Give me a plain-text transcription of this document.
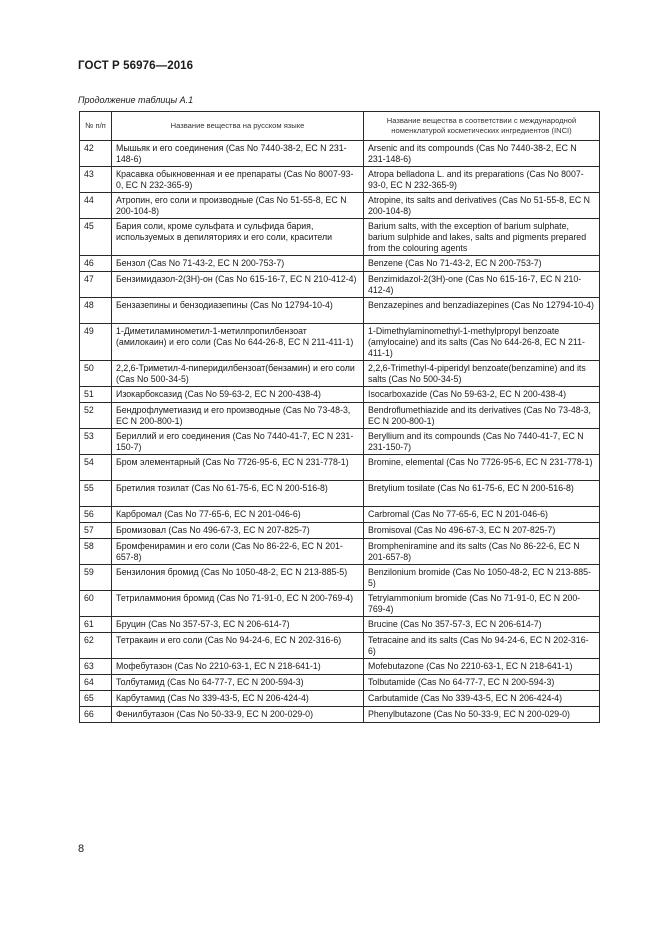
ГОСТ Р 56976—2016
Продолжение таблицы А.1
№ п/п	Название вещества на русском языке	Название вещества в соответствии с международной номенклатурой косметических ингредиентов (INCI)
42	Мышьяк и его соединения (Cas No 7440-38-2, ЕС N 231-148-6)	Arsenic and its compounds (Cas No 7440-38-2, EC N 231-148-6)
43	Красавка обыкновенная и ее препараты (Cas No 8007-93-0, ЕС N 232-365-9)	Atropa belladona L. and its preparations (Cas No 8007-93-0, EC N 232-365-9)
44	Атропин, его соли и производные (Cas No 51-55-8, ЕС N 200-104-8)	Atropine, its salts and derivatives (Cas No 51-55-8, EC N 200-104-8)
45	Бария соли, кроме сульфата и сульфида бария, используемых в депиляториях и его соли, красители	Barium salts, with the exception of barium sulphate, barium sulphide and lakes, salts and pigments prepared from the colouring agents
46	Бензол (Cas No 71-43-2, ЕС N 200-753-7)	Benzene (Cas No 71-43-2, EC N 200-753-7)
47	Бензимидазол-2(3Н)-он (Cas No 615-16-7, ЕС N 210-412-4)	Benzimidazol-2(3H)-one (Cas No 615-16-7, EC N 210-412-4)
48	Бензазепины и бензодиазепины (Cas No 12794-10-4)	Benzazepines and benzadiazepines (Cas No 12794-10-4)
49	1-Диметиламинометил-1-метилпропилбензоат (амилокаин) и его соли (Cas No 644-26-8, ЕС N 211-411-1)	1-Dimethylaminomethyl-1-methylpropyl benzoate (amylocaine) and its salts (Cas No 644-26-8, EC N 211-411-1)
50	2,2,6-Триметил-4-пиперидилбензоат(бензамин) и его соли (Cas No 500-34-5)	2,2,6-Trimethyl-4-piperidyl benzoate(benzamine) and its salts (Cas No 500-34-5)
51	Изокарбоксазид (Cas No 59-63-2, ЕС N 200-438-4)	Isocarboxazide (Cas No 59-63-2, EC N 200-438-4)
52	Бендрофлуметиазид и его производные (Cas No 73-48-3, ЕС N 200-800-1)	Bendroflumethiazide and its derivatives (Cas No 73-48-3, EC N 200-800-1)
53	Бериллий и его соединения (Cas No 7440-41-7, ЕС N 231-150-7)	Beryllium and its compounds (Cas No 7440-41-7, EC N 231-150-7)
54	Бром элементарный (Cas No 7726-95-6, ЕС N 231-778-1)	Bromine, elemental (Cas No 7726-95-6, EC N 231-778-1)
55	Бретилия тозилат (Cas No 61-75-6, ЕС N 200-516-8)	Bretylium tosilate (Cas No 61-75-6, EC N 200-516-8)
56	Карбромал (Cas No 77-65-6, ЕС N 201-046-6)	Carbromal (Cas No 77-65-6, EC N 201-046-6)
57	Бромизовал (Cas No 496-67-3, ЕС N 207-825-7)	Bromisoval (Cas No 496-67-3, EC N 207-825-7)
58	Бромфенирамин и его соли (Cas No 86-22-6, ЕС N 201-657-8)	Brompheniramine and its salts (Cas No 86-22-6, EC N 201-657-8)
59	Бензилония бромид (Cas No 1050-48-2, ЕС N 213-885-5)	Benzilonium bromide (Cas No 1050-48-2, EC N 213-885-5)
60	Тетриламмония бромид (Cas No 71-91-0, ЕС N 200-769-4)	Tetrylammonium bromide (Cas No 71-91-0, EC N 200-769-4)
61	Бруцин (Cas No 357-57-3, ЕС N 206-614-7)	Brucine (Cas No 357-57-3, EC N 206-614-7)
62	Тетракаин и его соли (Cas No 94-24-6, ЕС N 202-316-6)	Tetracaine and its salts (Cas No 94-24-6, EC N 202-316-6)
63	Мофебутазон (Cas No 2210-63-1, ЕС N 218-641-1)	Mofebutazone (Cas No 2210-63-1, EC N 218-641-1)
64	Толбутамид (Cas No 64-77-7, ЕС N 200-594-3)	Tolbutamide (Cas No 64-77-7, EC N 200-594-3)
65	Карбутамид (Cas No 339-43-5, ЕС N 206-424-4)	Carbutamide (Cas No 339-43-5, EC N 206-424-4)
66	Фенилбутазон (Cas No 50-33-9, ЕС N 200-029-0)	Phenylbutazone (Cas No 50-33-9, EC N 200-029-0)
8
